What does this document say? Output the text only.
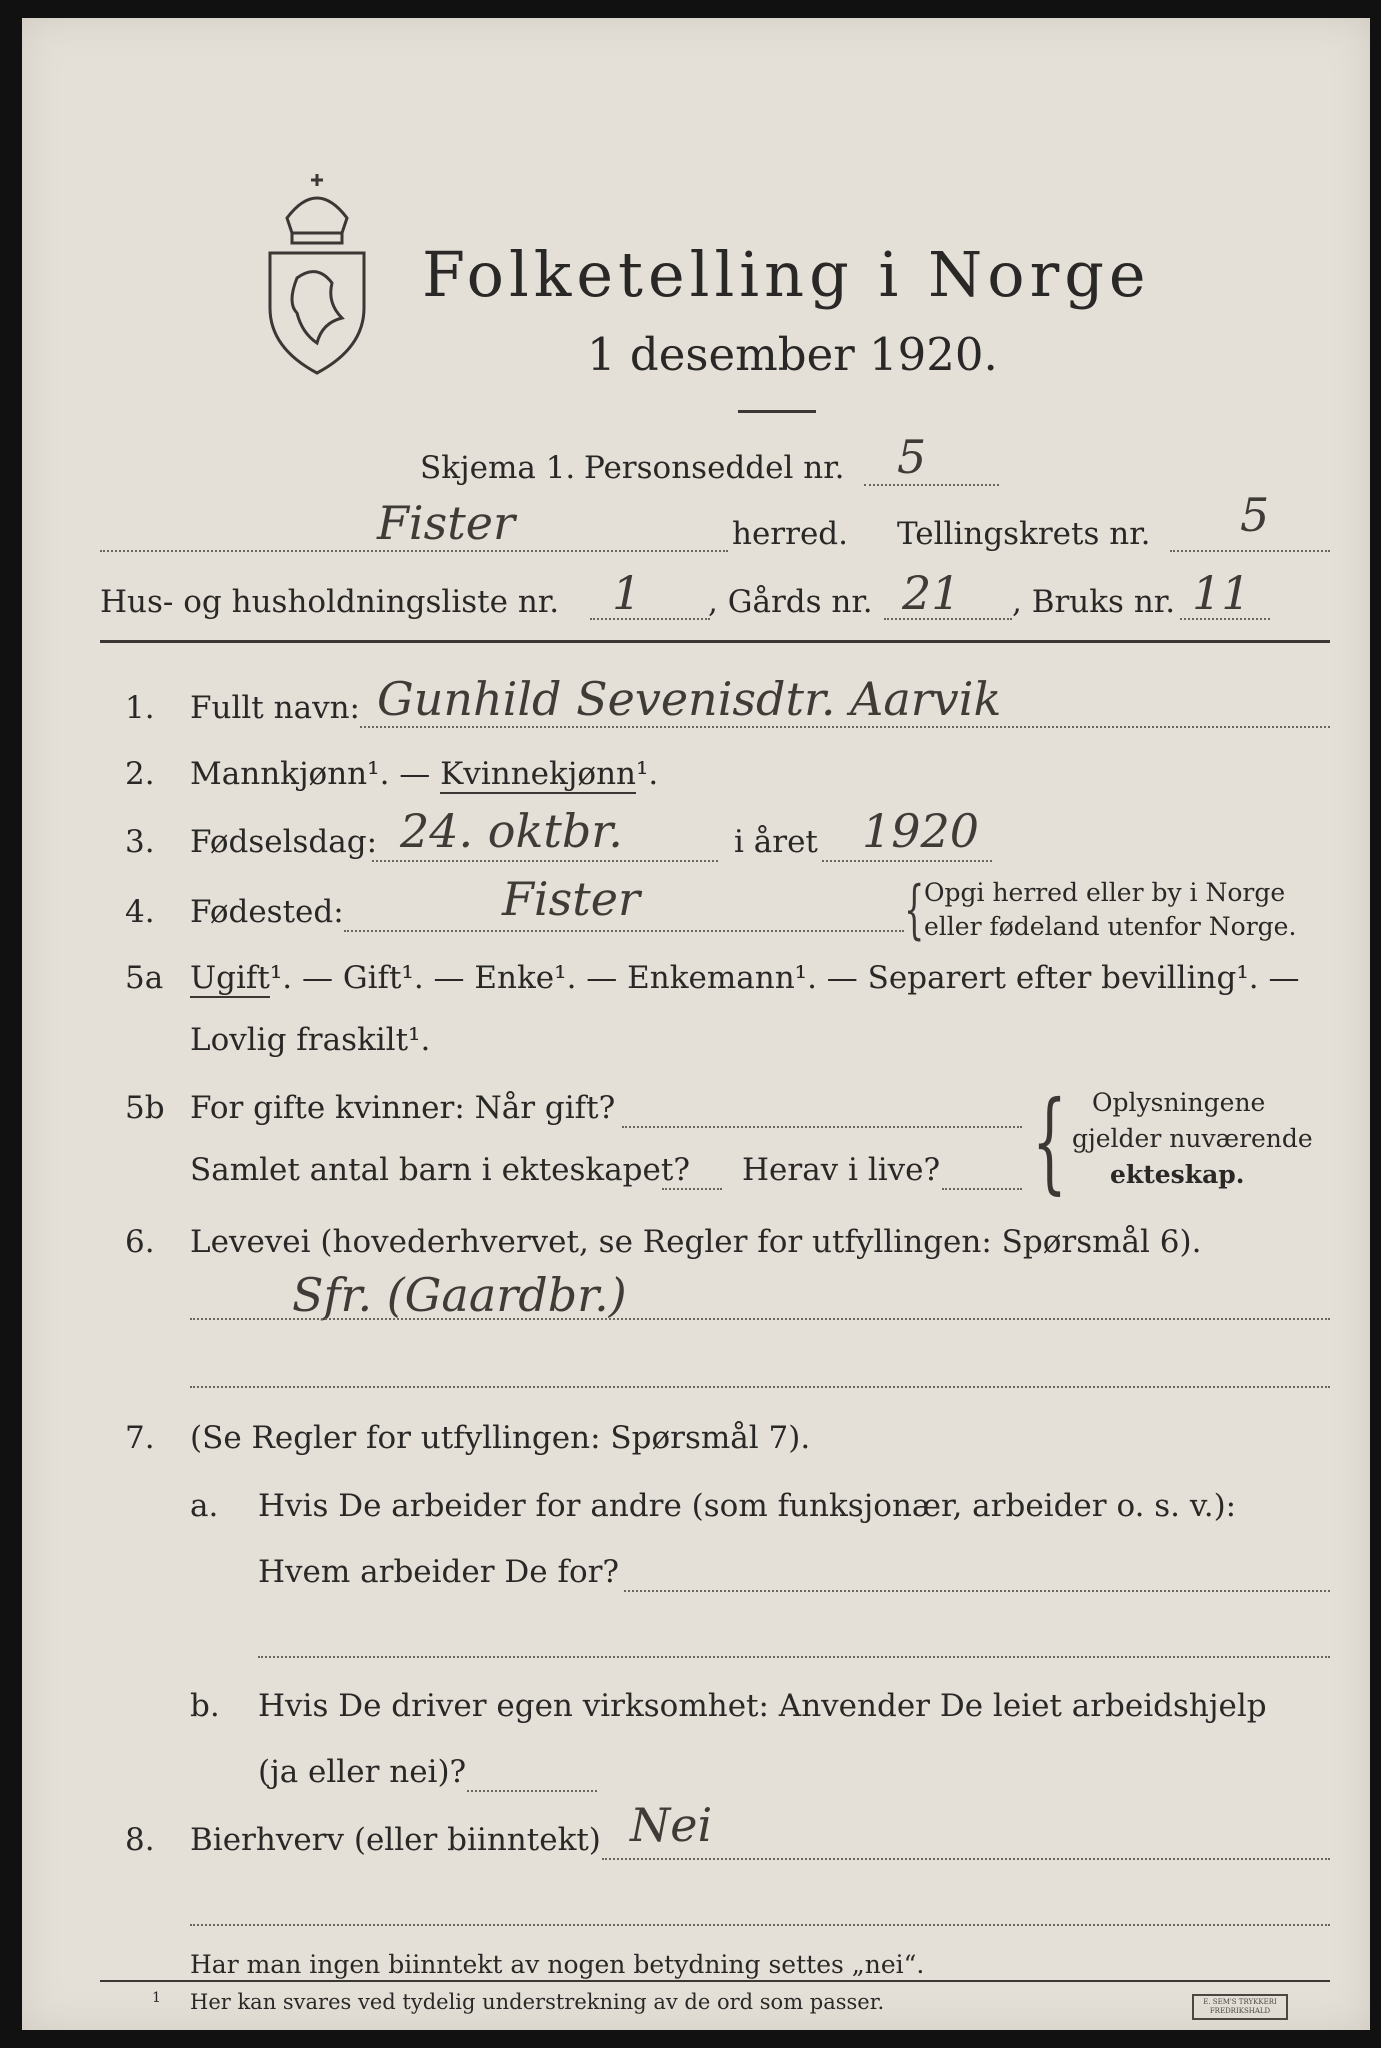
Folketelling i Norge
1 desember 1920.
Skjema 1. Personseddel nr. 5
Fister	herred. Tellingskrets nr. 5
Hus- og husholdningsliste nr. 1 , Gårds nr. 21 , Bruks nr. 11
1. Fullt navn: Gunhild Sevenisdtr. Aarvik
2. Mannkjønn¹. — Kvinnekjønn¹.
3. Fødselsdag: 24. oktbr.	i året 1920
4. Fødested:	Fister	{ Opgi herred eller by i Norge
eller fødeland utenfor Norge.
5a Ugift¹. — Gift¹. — Enke¹. — Enkemann¹. — Separert efter bevilling¹. —
Lovlig fraskilt¹.
5b For gifte kvinner: Når gift?
Samlet antal barn i ekteskapet? Herav i live? { Oplysningene
gjelder nuværende
ekteskap.
6. Levevei (hovederhvervet, se Regler for utfyllingen: Spørsmål 6).
Sfr. (Gaardbr.)
7. (Se Regler for utfyllingen: Spørsmål 7).
a. Hvis De arbeider for andre (som funksjonær, arbeider o. s. v.):
Hvem arbeider De for?
b. Hvis De driver egen virksomhet: Anvender De leiet arbeidshjelp
(ja eller nei)?
8. Bierhverv (eller biinntekt) Nei
Har man ingen biinntekt av nogen betydning settes „nei“.
1 Her kan svares ved tydelig understrekning av de ord som passer.	E. SEM'S TRYKKERI FREDRIKSHALD
